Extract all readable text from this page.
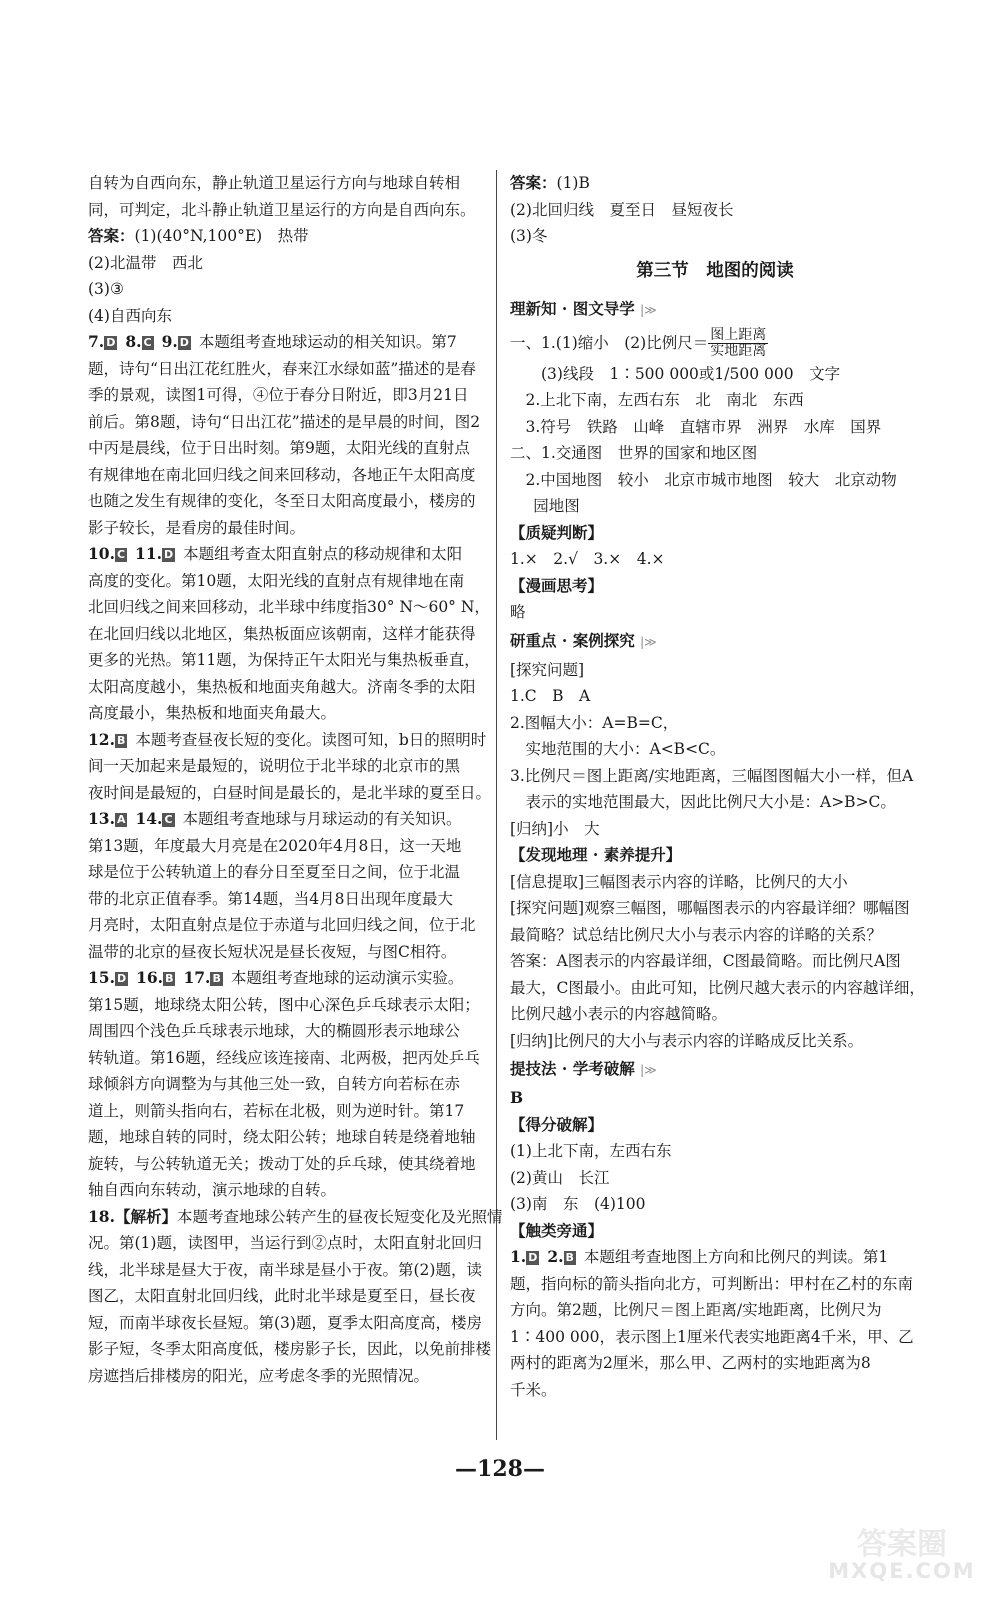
自转为自西向东，静止轨道卫星运行方向与地球自转相
同，可判定，北斗静止轨道卫星运行的方向是自西向东。
答案：(1)(40°N,100°E)　热带
(2)北温带　西北
(3)③
(4)自西向东
7. D 8. C 9. D 本题组考查地球运动的相关知识。第7
题，诗句“日出江花红胜火，春来江水绿如蓝”描述的是春
季的景观，读图1可得，④位于春分日附近，即3月21日
前后。第8题，诗句“日出江花”描述的是早晨的时间，图2
中丙是晨线，位于日出时刻。第9题，太阳光线的直射点
有规律地在南北回归线之间来回移动，各地正午太阳高度
也随之发生有规律的变化，冬至日太阳高度最小，楼房的
影子较长，是看房的最佳时间。
10. C 11. D 本题组考查太阳直射点的移动规律和太阳
高度的变化。第10题，太阳光线的直射点有规律地在南
北回归线之间来回移动，北半球中纬度指30° N～60° N，
在北回归线以北地区，集热板面应该朝南，这样才能获得
更多的光热。第11题，为保持正午太阳光与集热板垂直，
太阳高度越小，集热板和地面夹角越大。济南冬季的太阳
高度最小，集热板和地面夹角最大。
12. B 本题考查昼夜长短的变化。读图可知，b日的照明时
间一天加起来是最短的，说明位于北半球的北京市的黑
夜时间是最短的，白昼时间是最长的，是北半球的夏至日。
13. A 14. C 本题组考查地球与月球运动的有关知识。
第13题，年度最大月亮是在2020年4月8日，这一天地
球是位于公转轨道上的春分日至夏至日之间，位于北温
带的北京正值春季。第14题，当4月8日出现年度最大
月亮时，太阳直射点是位于赤道与北回归线之间，位于北
温带的北京的昼夜长短状况是昼长夜短，与图C相符。
15. D 16. B 17. B 本题组考查地球的运动演示实验。
第15题，地球绕太阳公转，图中心深色乒乓球表示太阳；
周围四个浅色乒乓球表示地球，大的椭圆形表示地球公
转轨道。第16题，经线应该连接南、北两极，把丙处乒乓
球倾斜方向调整为与其他三处一致，自转方向若标在赤
道上，则箭头指向右，若标在北极，则为逆时针。第17
题，地球自转的同时，绕太阳公转；地球自转是绕着地轴
旋转，与公转轨道无关；拨动丁处的乒乓球，使其绕着地
轴自西向东转动，演示地球的自转。
18.【解析】本题考查地球公转产生的昼夜长短变化及光照情
况。第(1)题，读图甲，当运行到②点时，太阳直射北回归
线，北半球是昼大于夜，南半球是昼小于夜。第(2)题，读
图乙，太阳直射北回归线，此时北半球是夏至日，昼长夜
短，而南半球夜长昼短。第(3)题，夏季太阳高度高，楼房
影子短，冬季太阳高度低，楼房影子长，因此，以免前排楼
房遮挡后排楼房的阳光，应考虑冬季的光照情况。
答案：(1)B
(2)北回归线　夏至日　昼短夜长
(3)冬
第三节　地图的阅读
理新知 · 图文导学 |≫
一、1.(1)缩小　(2)比例尺＝ $\frac{\text{图上距离}}{\text{实地距离}}$
(3)线段　1∶500 000或1/500 000　文字
2.上北下南，左西右东　北　南北　东西
3.符号　铁路　山峰　直辖市界　洲界　水库　国界
二、1.交通图　世界的国家和地区图
2.中国地图　较小　北京市城市地图　较大　北京动物
园地图
【质疑判断】
1.×　2.√　3.×　4.×
【漫画思考】
略
研重点 · 案例探究 |≫
[探究问题]
1.C　B　A
2.图幅大小：A=B=C，
实地范围的大小：A<B<C。
3.比例尺＝图上距离/实地距离，三幅图图幅大小一样，但A
表示的实地范围最大，因此比例尺大小是：A>B>C。
[归纳]小　大
【发现地理 · 素养提升】
[信息提取]三幅图表示内容的详略，比例尺的大小
[探究问题]观察三幅图，哪幅图表示的内容最详细？哪幅图
最简略？试总结比例尺大小与表示内容的详略的关系？
答案：A图表示的内容最详细，C图最简略。而比例尺A图
最大，C图最小。由此可知，比例尺越大表示的内容越详细，
比例尺越小表示的内容越简略。
[归纳]比例尺的大小与表示内容的详略成反比关系。
提技法 · 学考破解 |≫
B
【得分破解】
(1)上北下南，左西右东
(2)黄山　长江
(3)南　东　(4)100
【触类旁通】
1. D 2. B 本题组考查地图上方向和比例尺的判读。第1
题，指向标的箭头指向北方，可判断出：甲村在乙村的东南
方向。第2题，比例尺＝图上距离/实地距离，比例尺为
1∶400 000，表示图上1厘米代表实地距离4千米，甲、乙
两村的距离为2厘米，那么甲、乙两村的实地距离为8
千米。
—128—
答案圈
MXQE.COM
